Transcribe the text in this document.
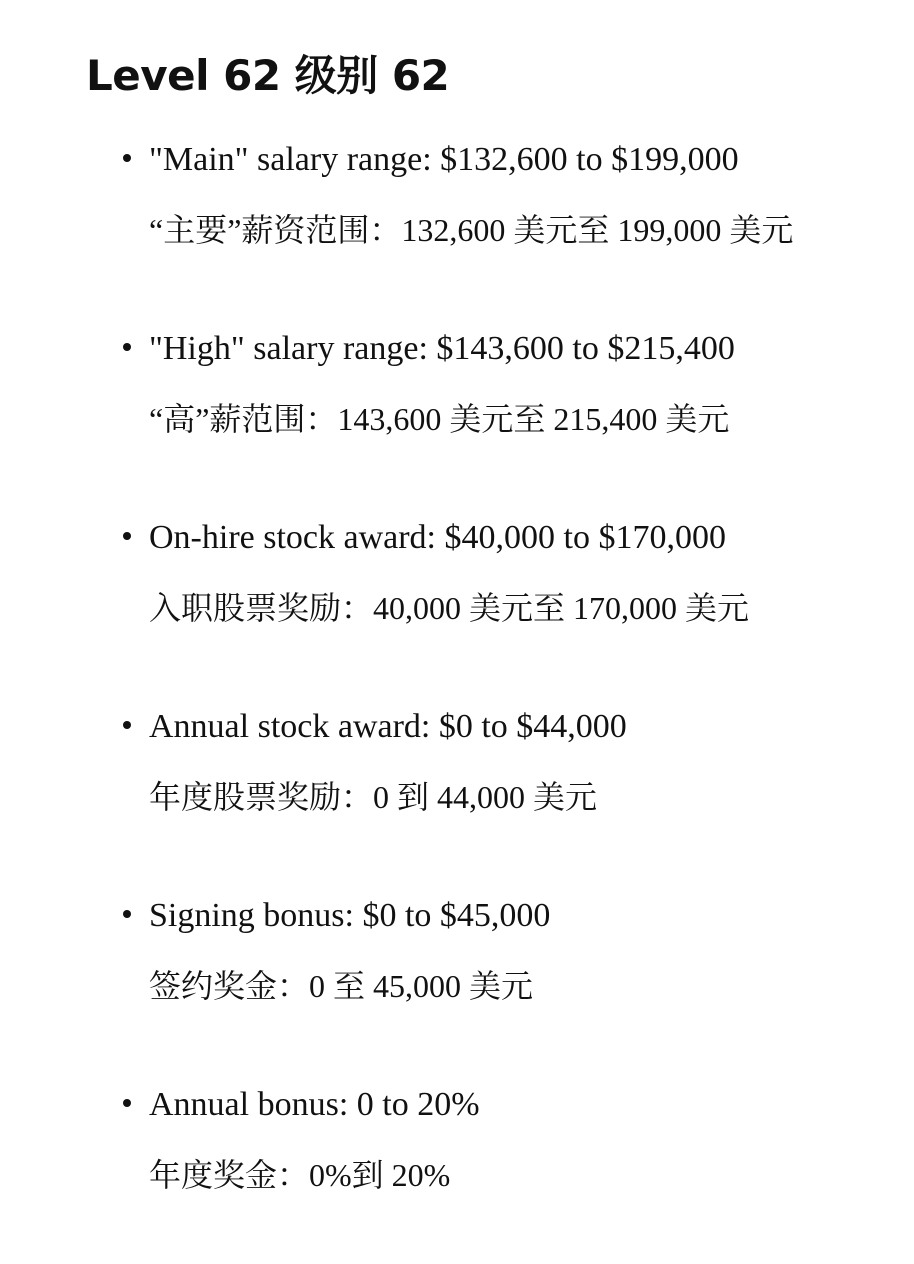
Level 62 级别 62
"Main" salary range: $132,600 to $199,000
“主要”薪资范围：132,600 美元至 199,000 美元
"High" salary range: $143,600 to $215,400
“高”薪范围：143,600 美元至 215,400 美元
On-hire stock award: $40,000 to $170,000
入职股票奖励：40,000 美元至 170,000 美元
Annual stock award: $0 to $44,000
年度股票奖励：0 到 44,000 美元
Signing bonus: $0 to $45,000
签约奖金：0 至 45,000 美元
Annual bonus: 0 to 20%
年度奖金：0%到 20%
